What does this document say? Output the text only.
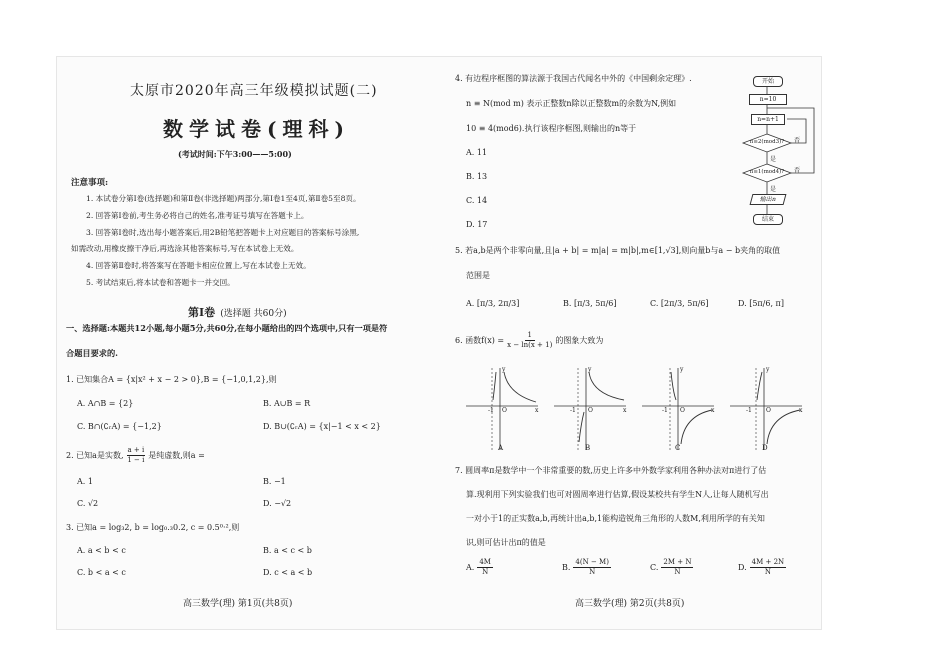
太原市2020年高三年级模拟试题(二)
数学试卷(理科)
(考试时间:下午3:00——5:00)
注意事项:
1. 本试卷分第Ⅰ卷(选择题)和第Ⅱ卷(非选择题)两部分,第Ⅰ卷1至4页,第Ⅱ卷5至8页。
2. 回答第Ⅰ卷前,考生务必将自己的姓名,准考证号填写在答题卡上。
3. 回答第Ⅰ卷时,选出每小题答案后,用2B铅笔把答题卡上对应题目的答案标号涂黑,
如需改动,用橡皮擦干净后,再选涂其他答案标号,写在本试卷上无效。
4. 回答第Ⅱ卷时,将答案写在答题卡相应位置上,写在本试卷上无效。
5. 考试结束后,将本试卷和答题卡一并交回。
第Ⅰ卷 (选择题 共60分)
一、选择题:本题共12小题,每小题5分,共60分,在每小题给出的四个选项中,只有一项是符
合题目要求的.
1. 已知集合A = {x|x² + x − 2 > 0},B = {−1,0,1,2},则
A. A∩B = {2}	B. A∪B = R
C. B∩(∁ᵣA) = {−1,2}	D. B∪(∁ᵣA) = {x|−1 < x < 2}
2. 已知a是实数, $\frac{a + i}{1 - i}$ 是纯虚数,则a =
A. 1	B. −1
C. √2	D. −√2
3. 已知a = log₃2, b = log₀.₃0.2, c = 0.5⁰·²,则
A. a < b < c	B. a < c < b
C. b < a < c	D. c < a < b
高三数学(理) 第1页(共8页)
4. 有边程序框图的算法源于我国古代闻名中外的《中国剩余定理》.
n ≡ N(mod m) 表示正整数n除以正整数m的余数为N,例如
10 ≡ 4(mod6).执行该程序框图,则输出的n等于
A. 11
B. 13
C. 14
D. 17
开始
n=10
n=n+1
n≡2(mod3)?
n≡1(mod4)?
是
是
否
否
输出n
结束
5. 若a,b是两个非零向量,且|a + b| = m|a| = m|b|,m∈[1,√3],则向量b与a − b夹角的取值
范围是
A. [π/3, 2π/3]	B. [π/3, 5π/6]	C. [2π/3, 5π/6]	D. [5π/6, π]
6. 函数$f(x) = \frac{1}{x - \ln(x + 1)}$ 的图象大致为
-1 O	x
y
A
-1 O	x
y
B
-1 O	x
y
C
-1 O	x
y
D
7. 圆周率π是数学中一个非常重要的数,历史上许多中外数学家利用各种办法对π进行了估
算.现利用下列实验我们也可对圆周率进行估算,假设某校共有学生N人,让每人随机写出
一对小于1的正实数a,b,再统计出a,b,1能构造锐角三角形的人数M,利用所学的有关知
识,则可估计出π的值是
A. $\frac{4M}{N}$	B. $\frac{4(N - M)}{N}$	C. $\frac{2M + N}{N}$	D. $\frac{4M + 2N}{N}$
高三数学(理) 第2页(共8页)
